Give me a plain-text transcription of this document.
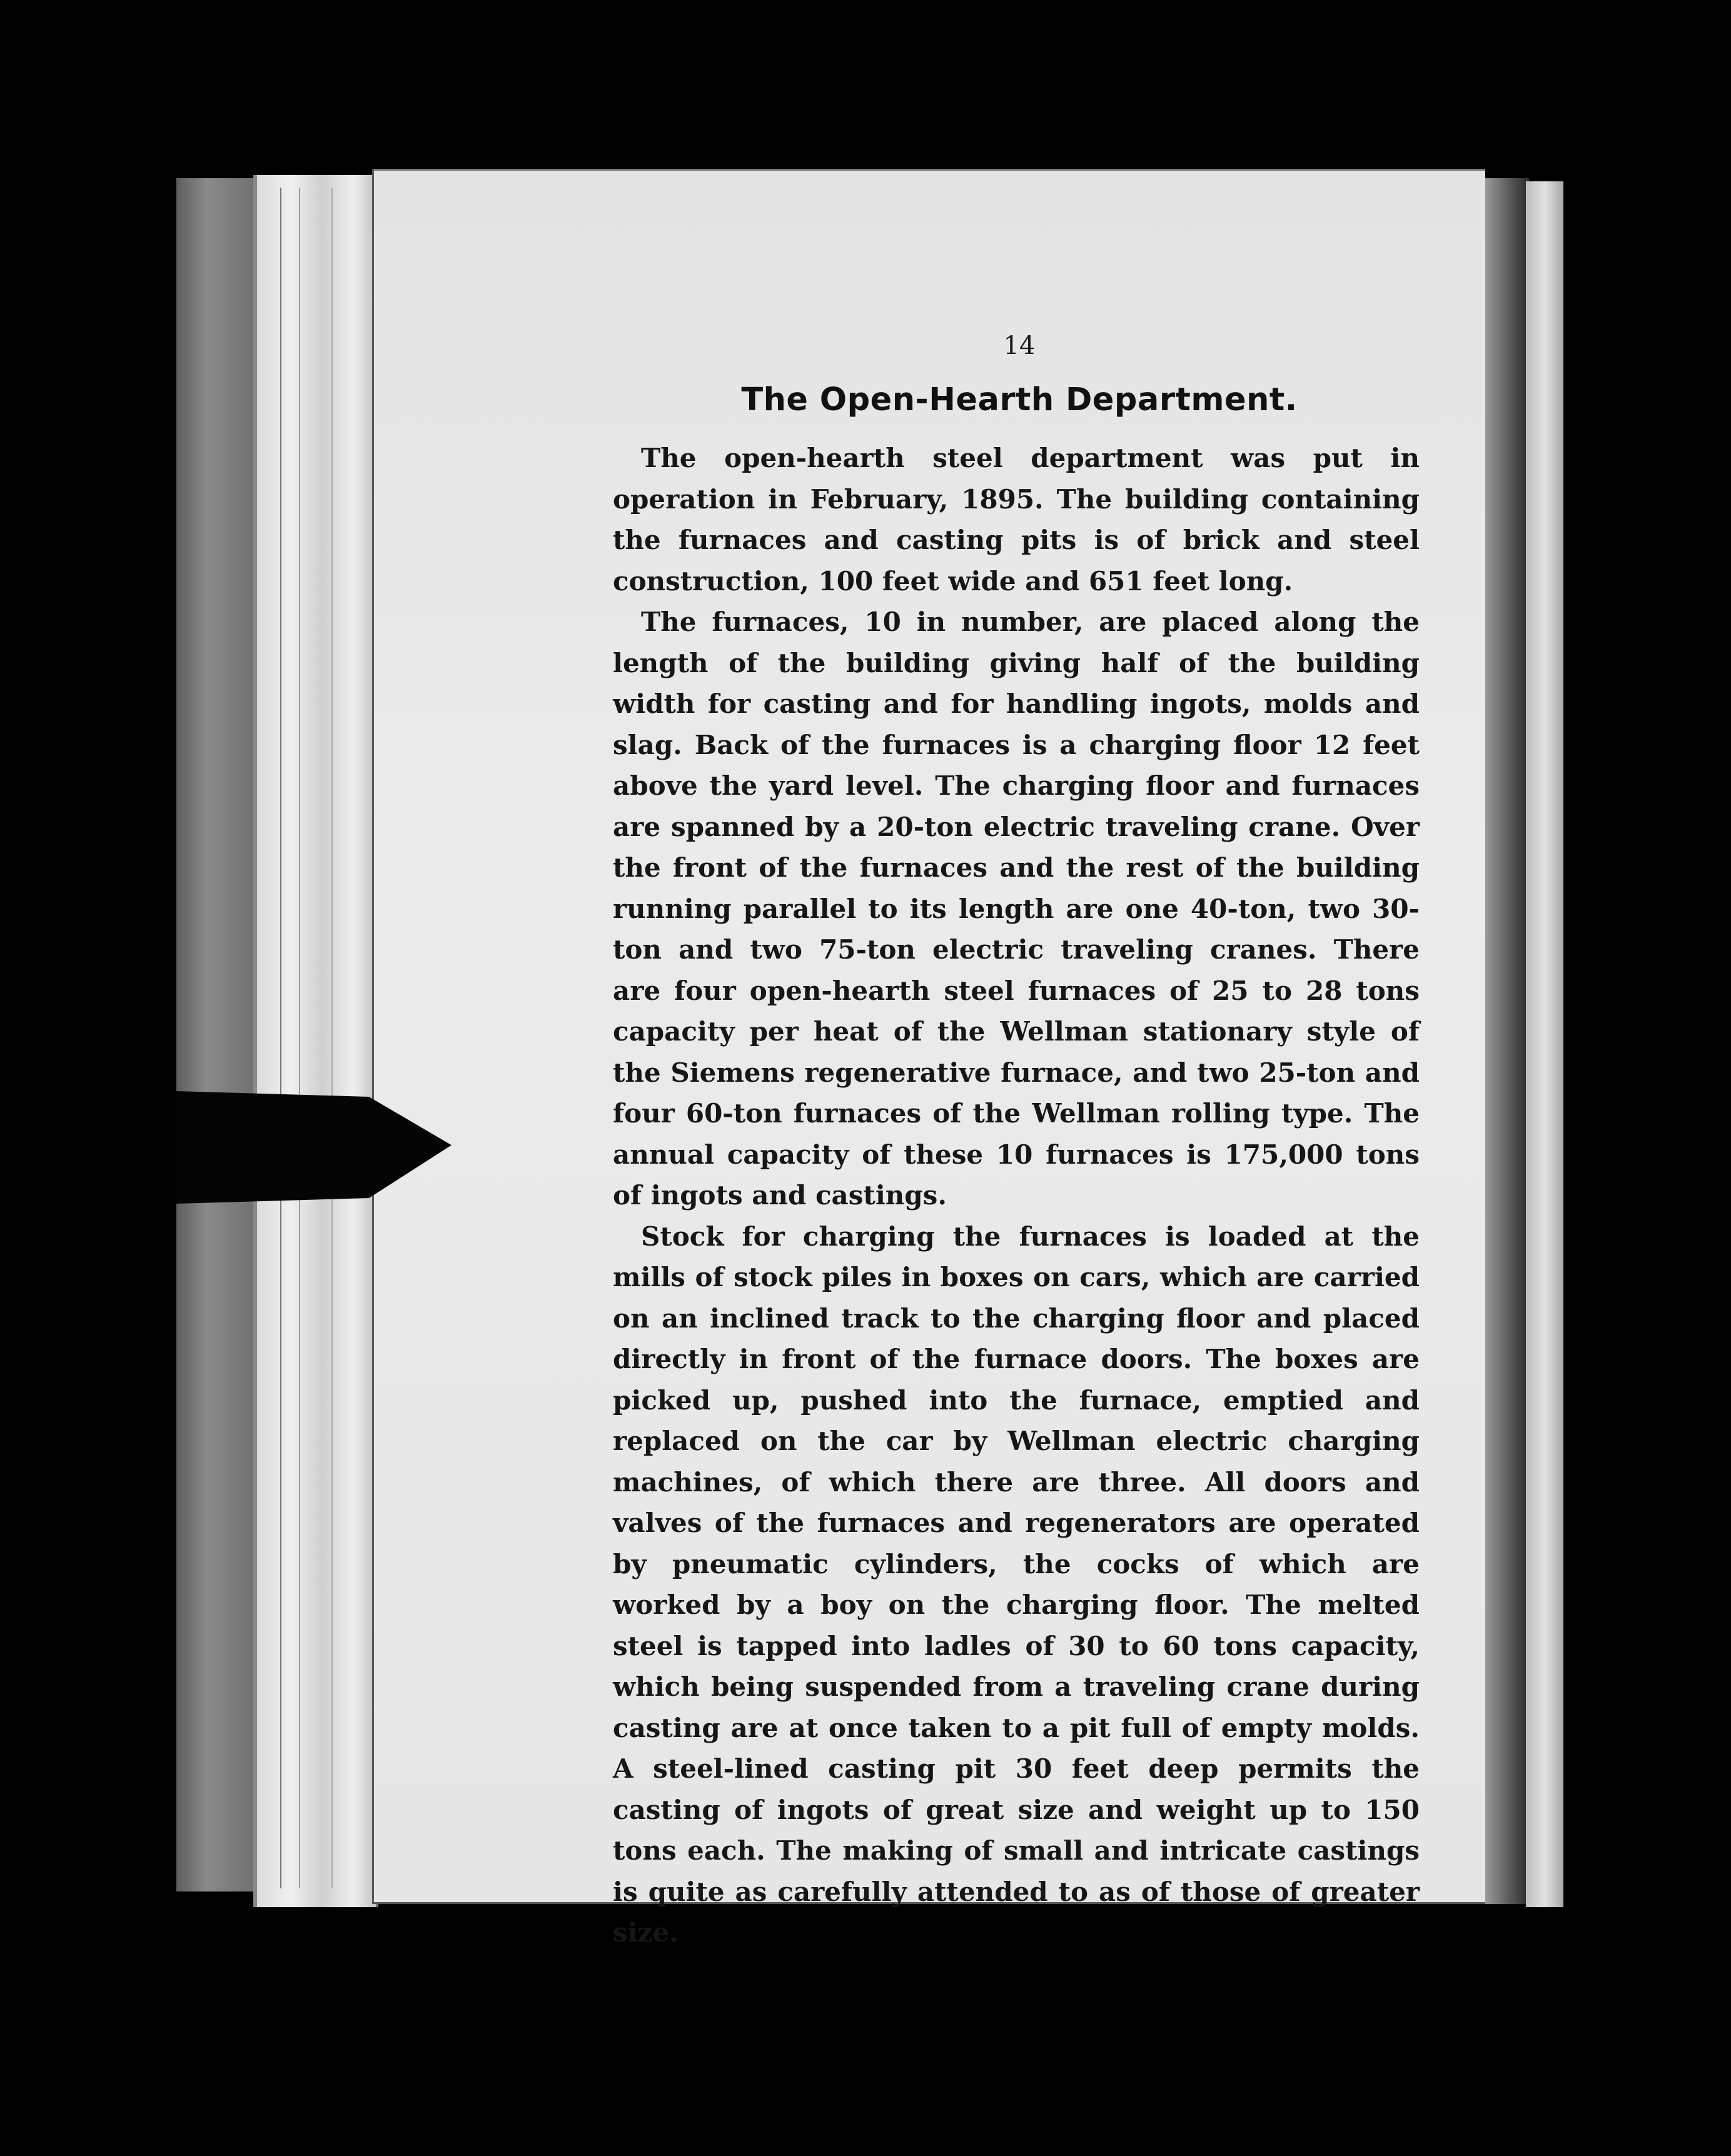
14
The Open-Hearth Department.

The open-hearth steel department was put in operation in February, 1895. The building containing the furnaces and casting pits is of brick and steel construction, 100 feet wide and 651 feet long.

The furnaces, 10 in number, are placed along the length of the building giving half of the building width for casting and for handling ingots, molds and slag. Back of the furnaces is a charging floor 12 feet above the yard level. The charging floor and furnaces are spanned by a 20-ton electric traveling crane. Over the front of the furnaces and the rest of the building running parallel to its length are one 40-ton, two 30-ton and two 75-ton electric traveling cranes. There are four open-hearth steel furnaces of 25 to 28 tons capacity per heat of the Wellman stationary style of the Siemens regenerative furnace, and two 25-ton and four 60-ton furnaces of the Wellman rolling type. The annual capacity of these 10 furnaces is 175,000 tons of ingots and castings.

Stock for charging the furnaces is loaded at the mills of stock piles in boxes on cars, which are carried on an inclined track to the charging floor and placed directly in front of the furnace doors. The boxes are picked up, pushed into the furnace, emptied and replaced on the car by Wellman electric charging machines, of which there are three. All doors and valves of the furnaces and regenerators are operated by pneumatic cylinders, the cocks of which are worked by a boy on the charging floor. The melted steel is tapped into ladles of 30 to 60 tons capacity, which being suspended from a traveling crane during casting are at once taken to a pit full of empty molds. A steel-lined casting pit 30 feet deep permits the casting of ingots of great size and weight up to 150 tons each. The making of small and intricate castings is quite as carefully attended to as of those of greater size.
